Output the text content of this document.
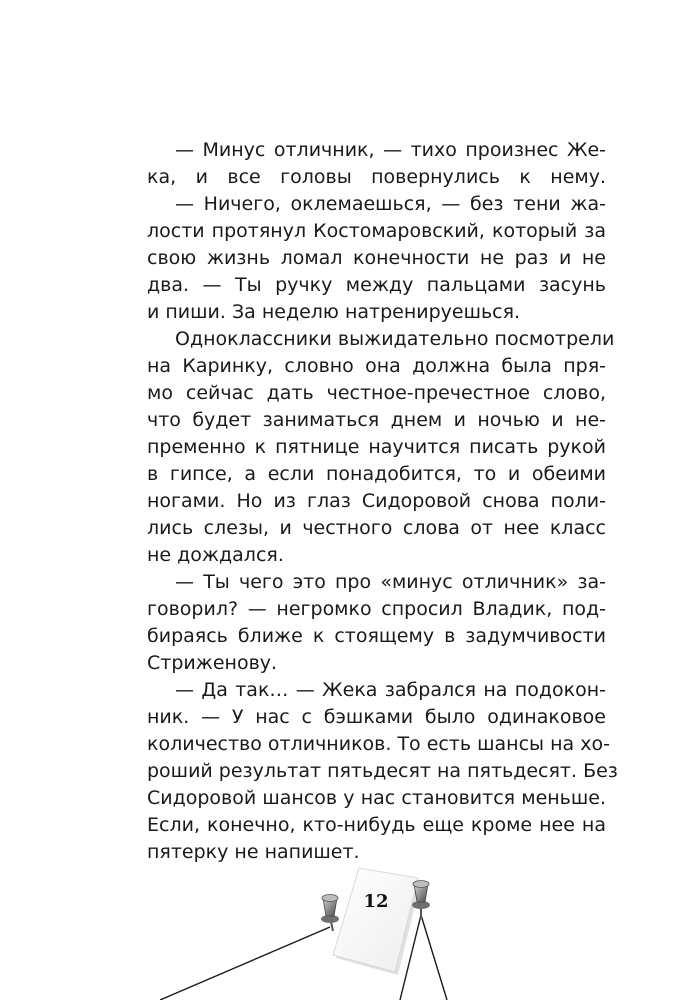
— Минус отличник, — тихо произнес Же-
ка, и все головы повернулись к нему.
— Ничего, оклемаешься, — без тени жа-
лости протянул Костомаровский, который за
свою жизнь ломал конечности не раз и не
два. — Ты ручку между пальцами засунь
и пиши. За неделю натренируешься.
Одноклассники выжидательно посмотрели
на Каринку, словно она должна была пря-
мо сейчас дать честное-пречестное слово,
что будет заниматься днем и ночью и не-
пременно к пятнице научится писать рукой
в гипсе, а если понадобится, то и обеими
ногами. Но из глаз Сидоровой снова поли-
лись слезы, и честного слова от нее класс
не дождался.
— Ты чего это про «минус отличник» за-
говорил? — негромко спросил Владик, под-
бираясь ближе к стоящему в задумчивости
Стриженову.
— Да так… — Жека забрался на подокон-
ник. — У нас с бэшками было одинаковое
количество отличников. То есть шансы на хо-
роший результат пятьдесят на пятьдесят. Без
Сидоровой шансов у нас становится меньше.
Если, конечно, кто-нибудь еще кроме нее на
пятерку не напишет.
12
